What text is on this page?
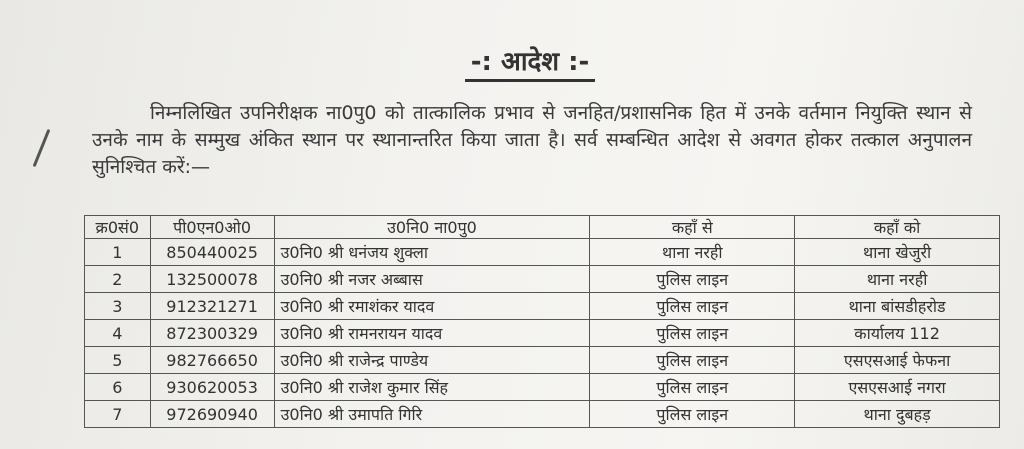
-: आदेश :-
निम्नलिखित उपनिरीक्षक ना0पु0 को तात्कालिक प्रभाव से जनहित/प्रशासनिक हित में उनके वर्तमान नियुक्ति स्थान से उनके नाम के सम्मुख अंकित स्थान पर स्थानान्तरित किया जाता है। सर्व सम्बन्धित आदेश से अवगत होकर तत्काल अनुपालन सुनिश्चित करें:—
क्र0सं0	पी0एन0ओ0	उ0नि0 ना0पु0	कहाँ से	कहाँ को
1	850440025	उ0नि0 श्री धनंजय शुक्ला	थाना नरही	थाना खेजुरी
2	132500078	उ0नि0 श्री नजर अब्बास	पुलिस लाइन	थाना नरही
3	912321271	उ0नि0 श्री रमाशंकर यादव	पुलिस लाइन	थाना बांसडीहरोड
4	872300329	उ0नि0 श्री रामनरायन यादव	पुलिस लाइन	कार्यालय 112
5	982766650	उ0नि0 श्री राजेन्द्र पाण्डेय	पुलिस लाइन	एसएसआई फेफना
6	930620053	उ0नि0 श्री राजेश कुमार सिंह	पुलिस लाइन	एसएसआई नगरा
7	972690940	उ0नि0 श्री उमापति गिरि	पुलिस लाइन	थाना दुबहड़
